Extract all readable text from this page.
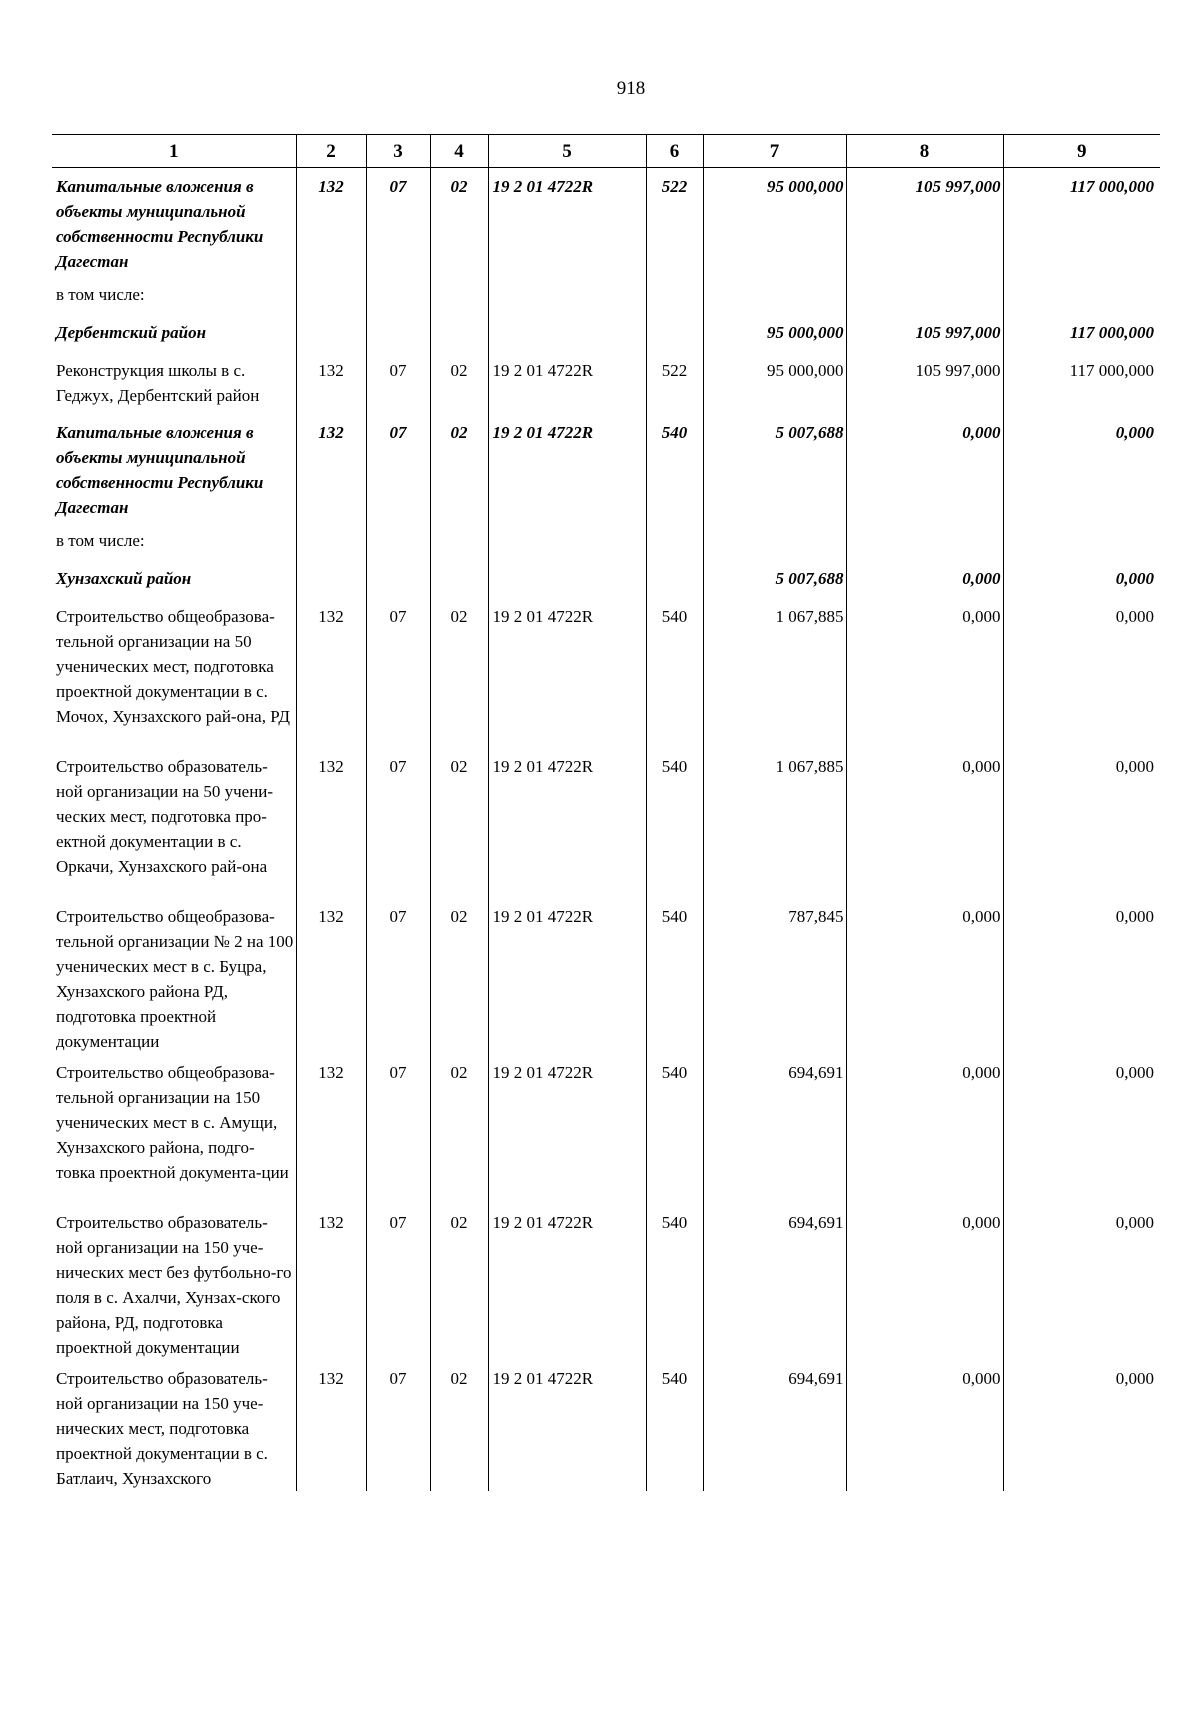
918
1	2	3	4	5	6	7	8	9
Капитальные вложения в объекты муниципальной собственности Республики Дагестан	132	07	02	19 2 01 4722R	522	95 000,000	105 997,000	117 000,000
в том числе:								
Дербентский район						95 000,000	105 997,000	117 000,000
Реконструкция школы в с. Геджух, Дербентский район	132	07	02	19 2 01 4722R	522	95 000,000	105 997,000	117 000,000
Капитальные вложения в объекты муниципальной собственности Республики Дагестан	132	07	02	19 2 01 4722R	540	5 007,688	0,000	0,000
в том числе:								
Хунзахский район						5 007,688	0,000	0,000
Строительство общеобразова-тельной организации на 50 ученических мест, подготовка проектной документации в с. Мочох, Хунзахского рай-она, РД	132	07	02	19 2 01 4722R	540	1 067,885	0,000	0,000
Строительство образователь-ной организации на 50 учени-ческих мест, подготовка про-ектной документации в с. Оркачи, Хунзахского рай-она	132	07	02	19 2 01 4722R	540	1 067,885	0,000	0,000
Строительство общеобразова-тельной организации № 2 на 100 ученических мест в с. Буцра, Хунзахского района РД, подготовка проектной документации	132	07	02	19 2 01 4722R	540	787,845	0,000	0,000
Строительство общеобразова-тельной организации на 150 ученических мест в с. Амущи, Хунзахского района, подго-товка проектной документа-ции	132	07	02	19 2 01 4722R	540	694,691	0,000	0,000
Строительство образователь-ной организации на 150 уче-нических мест без футбольно-го поля в с. Ахалчи, Хунзах-ского района, РД, подготовка проектной документации	132	07	02	19 2 01 4722R	540	694,691	0,000	0,000
Строительство образователь-ной организации на 150 уче-нических мест, подготовка проектной документации в с. Батлаич, Хунзахского	132	07	02	19 2 01 4722R	540	694,691	0,000	0,000
